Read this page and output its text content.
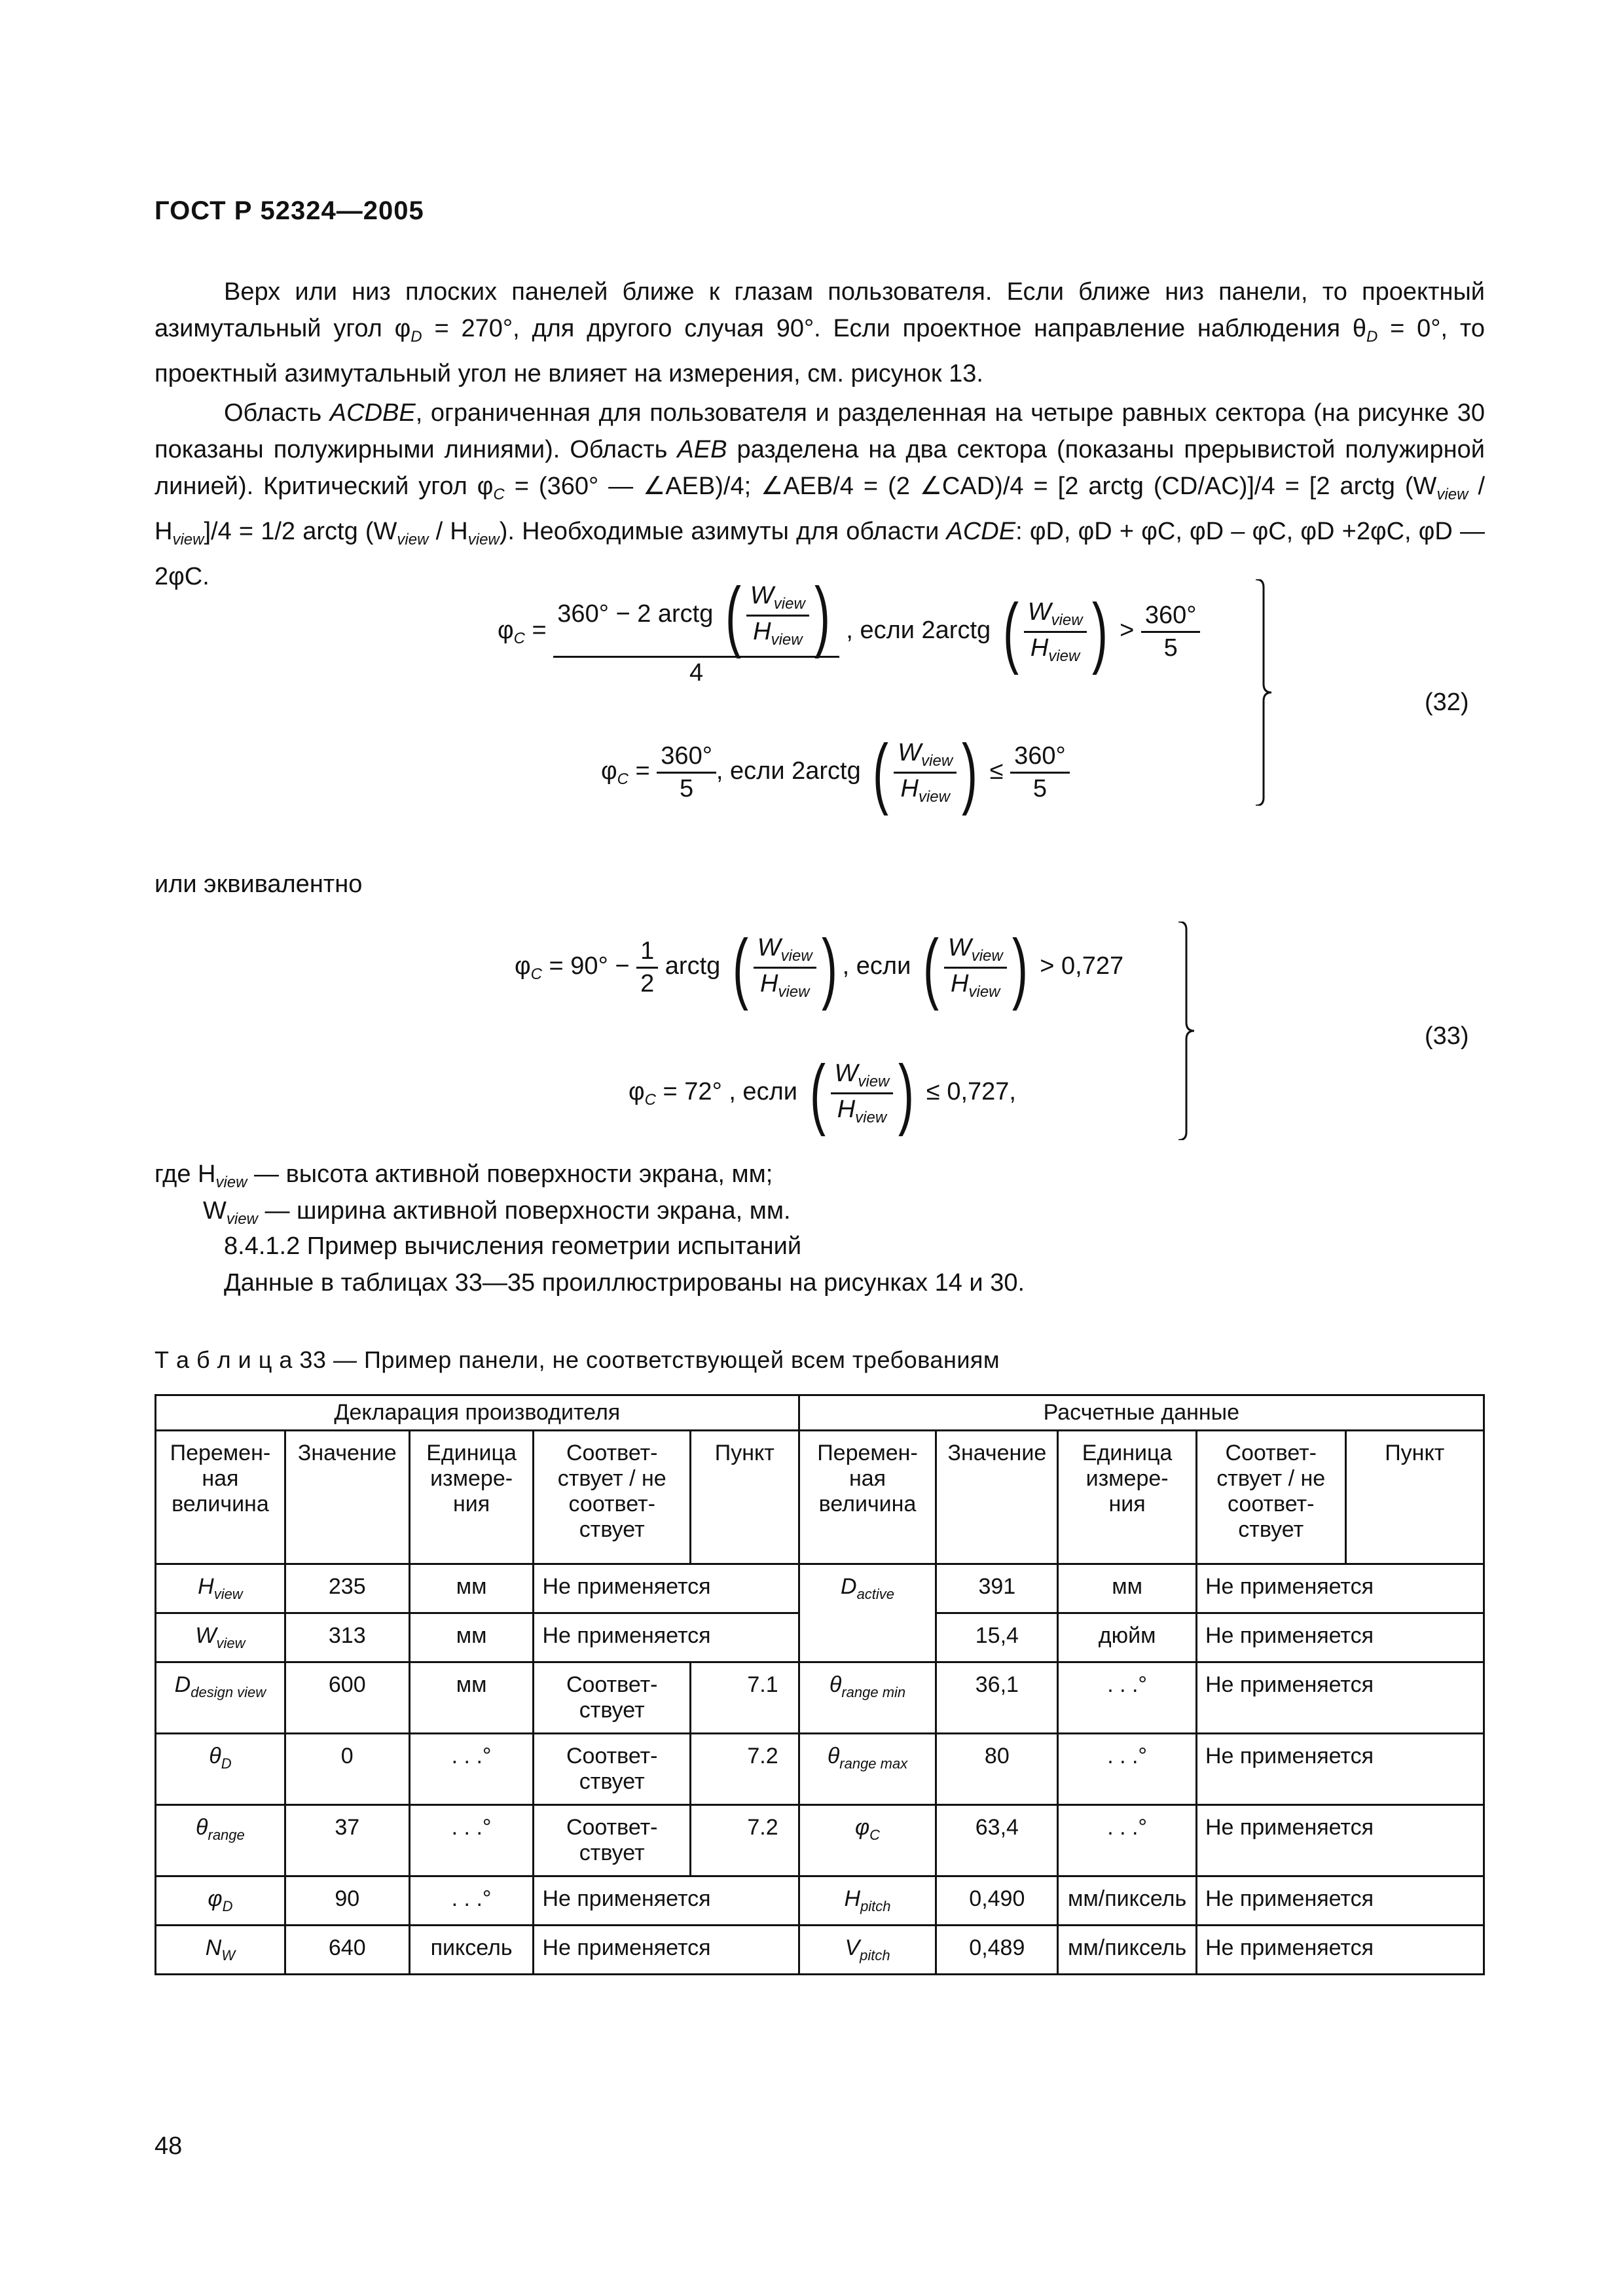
ГОСТ Р 52324—2005

Верх или низ плоских панелей ближе к глазам пользователя. Если ближе низ панели, то проектный азимутальный угол $\varphi_D = 270^\circ$, для другого случая 90°. Если проектное направление наблюдения $\theta_D = 0^\circ$, то проектный азимутальный угол не влияет на измерения, см. рисунок 13.

Область ACDBE, ограниченная для пользователя и разделенная на четыре равных сектора (на рисунке 30 показаны полужирными линиями). Область AEB разделена на два сектора (показаны прерывистой полужирной линией). Критический угол $\varphi_C = (360^\circ$ — ∠AEB)/4; ∠AEB/4 = (2 ∠CAD)/4 = [2 arctg (CD/AC)]/4 = [2 arctg $(W_{view} / H_{view}]/4 = 1/2$ arctg $(W_{view} / H_{view})$. Необходимые азимуты для области ACDE: φD, φD + φC, φD – φC, φD +2φC, φD —2φC.

$\varphi_C = \frac{360^\circ - 2 arctg ( \frac{W_{view}}{H_{view}} )}{4}$ , если 2arctg ( $\frac{W_{view}}{H_{view}}$ ) > $\frac{360^\circ}{5}$
$\varphi_C = \frac{360^\circ}{5}$ , если 2arctg ( $\frac{W_{view}}{H_{view}}$ ) ≤ $\frac{360^\circ}{5}$
(32)
или эквивалентно
$\varphi_C = 90^\circ - \frac{1}{2}$ arctg ( $\frac{W_{view}}{H_{view}}$ ) , если ( $\frac{W_{view}}{H_{view}}$ ) > 0,727
$\varphi_C = 72^\circ$ , если ( $\frac{W_{view}}{H_{view}}$ ) ≤ 0,727,
(33)
где $H_{view}$ — высота активной поверхности экрана, мм;
$W_{view}$ — ширина активной поверхности экрана, мм.
8.4.1.2 Пример вычисления геометрии испытаний
Данные в таблицах 33—35 проиллюстрированы на рисунках 14 и 30.
Т а б л и ц а 33 — Пример панели, не соответствующей всем требованиям
Декларация производителя					Расчетные данные				
Перемен-
ная
величина	Значение	Единица
измере-
ния	Соответ-
ствует / не
соответ-
ствует	Пункт	Перемен-
ная
величина	Значение	Единица
измере-
ния	Соответ-
ствует / не
соответ-
ствует	Пункт
$H_{view}$	235	мм	Не применяется		$D_{active}$	391	мм	Не применяется	
$W_{view}$	313	мм	Не применяется			15,4	дюйм	Не применяется	
$D_{design view}$	600	мм	Соответ-
ствует	7.1	$\theta_{range min}$	36,1	. . .°	Не применяется	
$\theta_D$	0	. . .°	Соответ-
ствует	7.2	$\theta_{range max}$	80	. . .°	Не применяется	
$\theta_{range}$	37	. . .°	Соответ-
ствует	7.2	$\varphi_C$	63,4	. . .°	Не применяется	
$\varphi_D$	90	. . .°	Не применяется		$H_{pitch}$	0,490	мм/пиксель	Не применяется	
$N_W$	640	пиксель	Не применяется		$V_{pitch}$	0,489	мм/пиксель	Не применяется	
48
